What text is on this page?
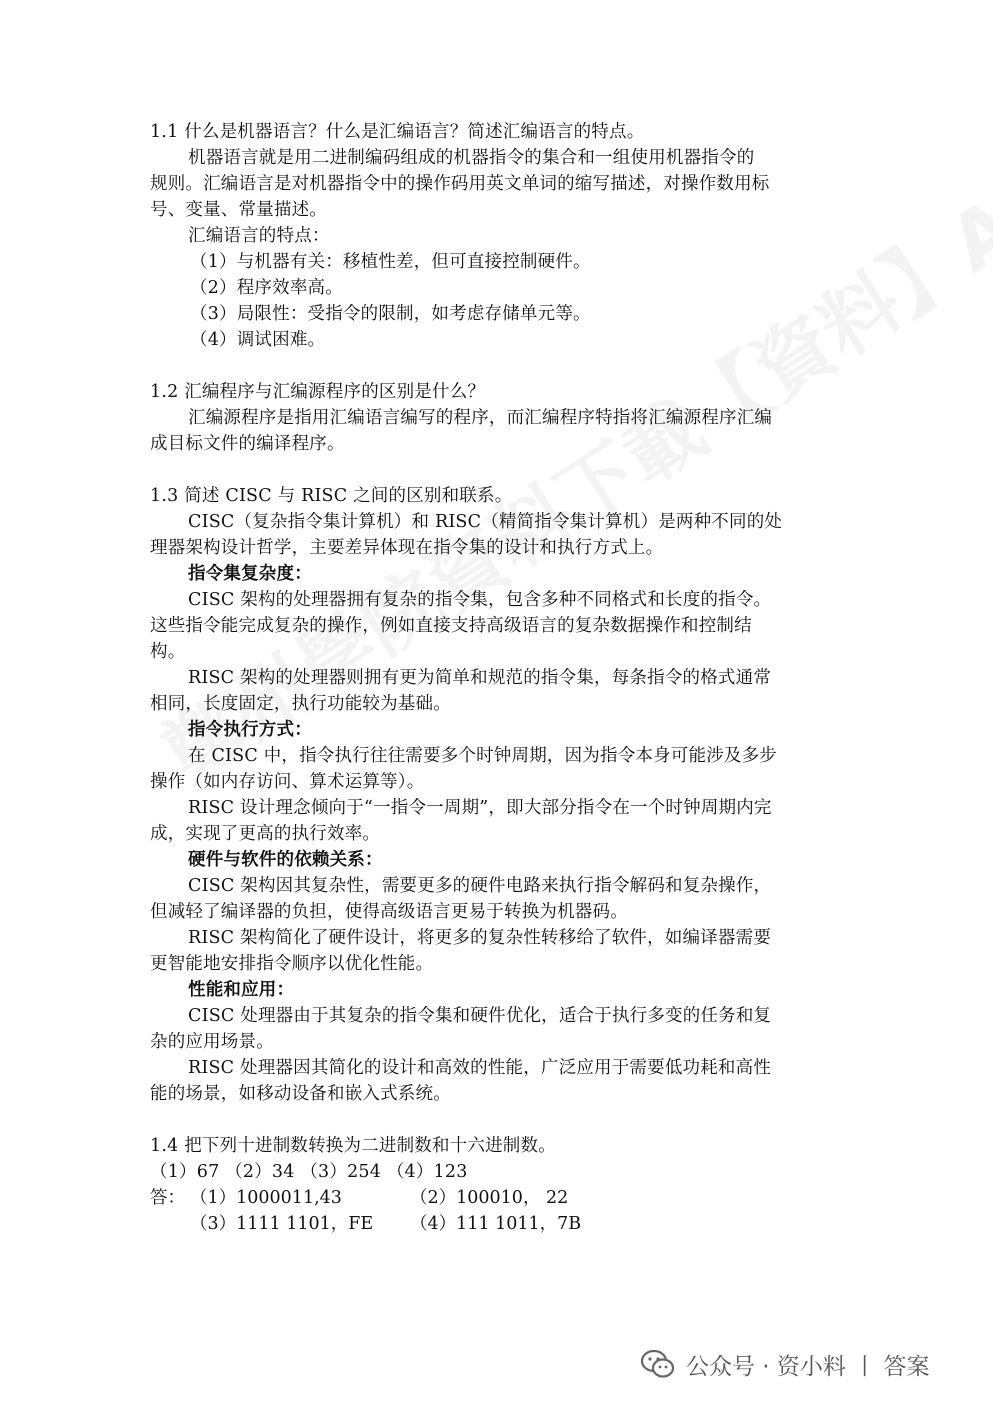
1.1 什么是机器语言？什么是汇编语言？简述汇编语言的特点。
机器语言就是用二进制编码组成的机器指令的集合和一组使用机器指令的
规则。汇编语言是对机器指令中的操作码用英文单词的缩写描述，对操作数用标
号、变量、常量描述。
汇编语言的特点：
（1）与机器有关：移植性差，但可直接控制硬件。
（2）程序效率高。
（3）局限性：受指令的限制，如考虑存储单元等。
（4）调试困难。
1.2 汇编程序与汇编源程序的区别是什么？
汇编源程序是指用汇编语言编写的程序，而汇编程序特指将汇编源程序汇编
成目标文件的编译程序。
1.3 简述 CISC 与 RISC 之间的区别和联系。
CISC（复杂指令集计算机）和 RISC（精简指令集计算机）是两种不同的处
理器架构设计哲学，主要差异体现在指令集的设计和执行方式上。
指令集复杂度：
CISC 架构的处理器拥有复杂的指令集，包含多种不同格式和长度的指令。
这些指令能完成复杂的操作，例如直接支持高级语言的复杂数据操作和控制结
构。
RISC 架构的处理器则拥有更为简单和规范的指令集，每条指令的格式通常
相同，长度固定，执行功能较为基础。
指令执行方式：
在 CISC 中，指令执行往往需要多个时钟周期，因为指令本身可能涉及多步
操作（如内存访问、算术运算等）。
RISC 设计理念倾向于“一指令一周期”，即大部分指令在一个时钟周期内完
成，实现了更高的执行效率。
硬件与软件的依赖关系：
CISC 架构因其复杂性，需要更多的硬件电路来执行指令解码和复杂操作，
但减轻了编译器的负担，使得高级语言更易于转换为机器码。
RISC 架构简化了硬件设计，将更多的复杂性转移给了软件，如编译器需要
更智能地安排指令顺序以优化性能。
性能和应用：
CISC 处理器由于其复杂的指令集和硬件优化，适合于执行多变的任务和复
杂的应用场景。
RISC 处理器因其简化的设计和高效的性能，广泛应用于需要低功耗和高性
能的场景，如移动设备和嵌入式系统。
1.4 把下列十进制数转换为二进制数和十六进制数。
（1）67 （2）34 （3）254 （4）123
答： （1）1000011,43	（2）100010， 22
（3）1111 1101，FE （4）111 1011，7B
公众号 · 资小料 丨 答案
